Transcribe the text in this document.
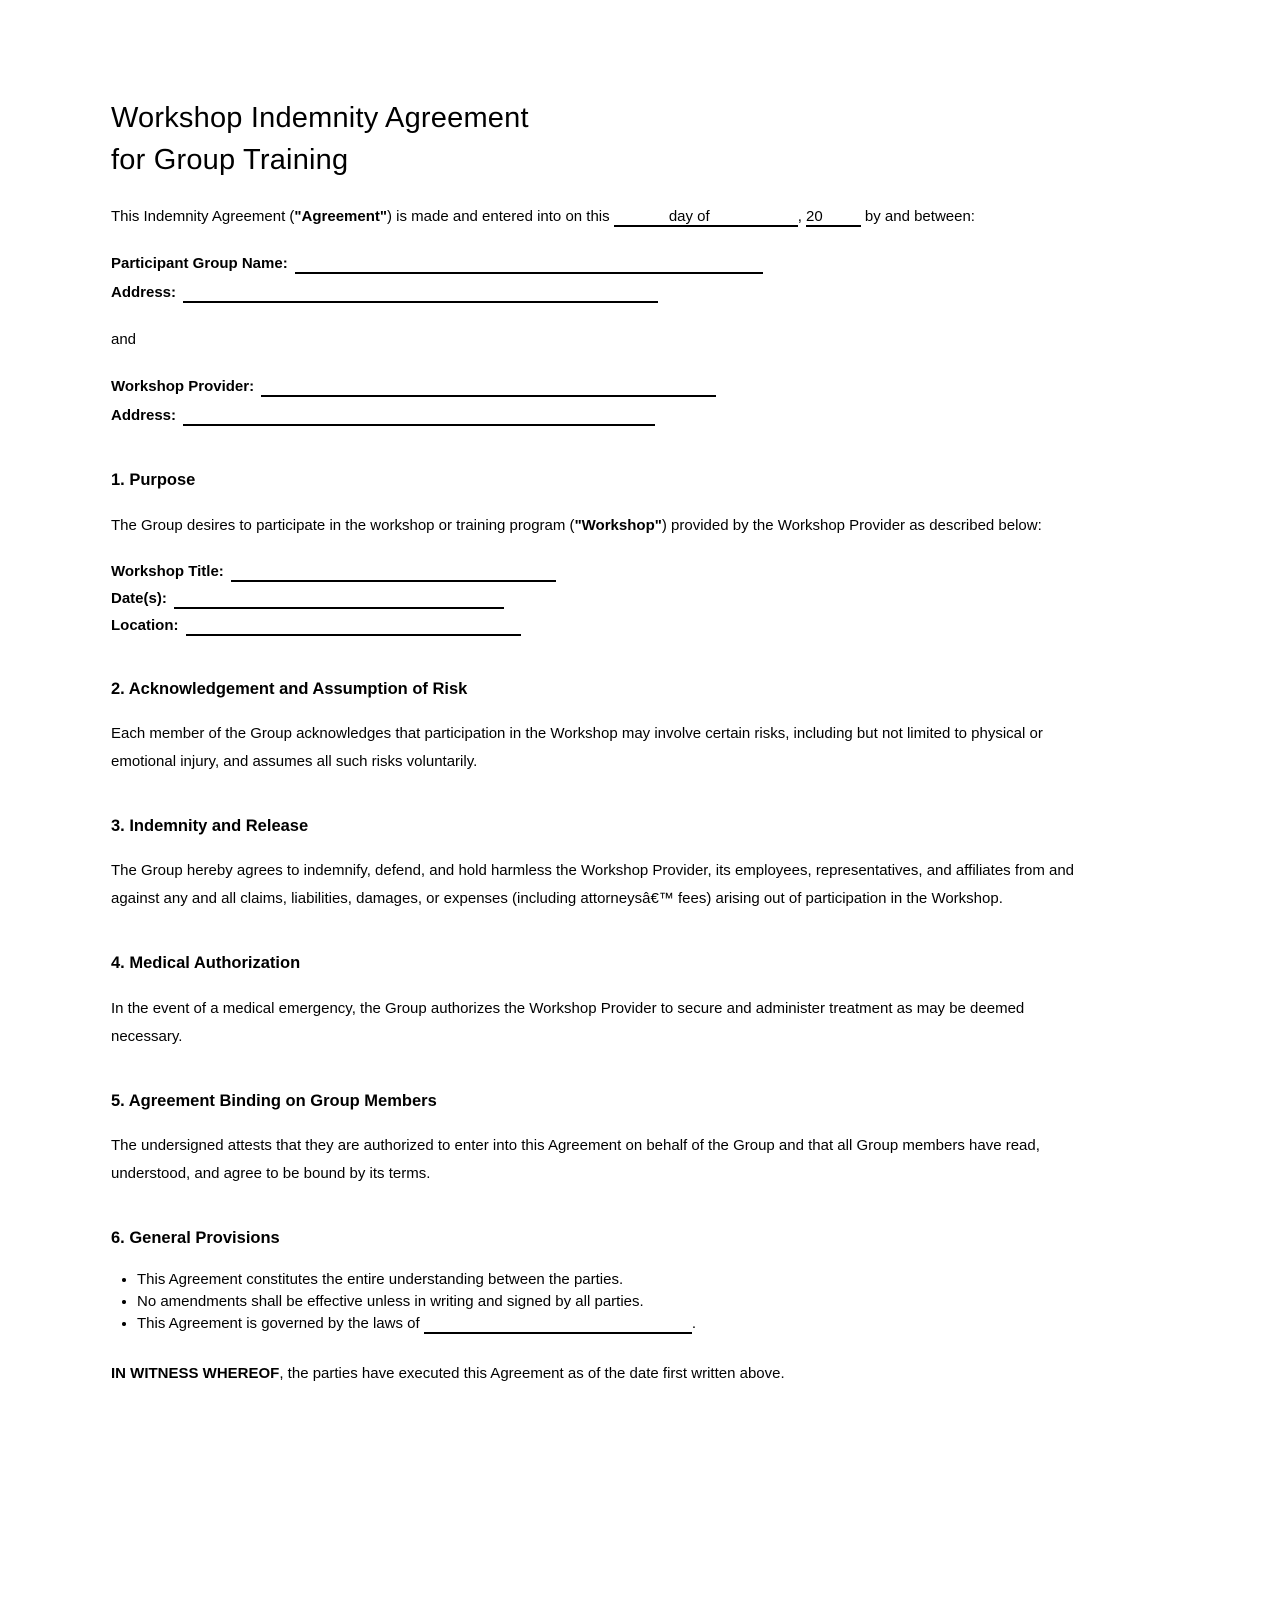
Workshop Indemnity Agreement
for Group Training

This Indemnity Agreement ("Agreement") is made and entered into on this	day of	, 20	by and between:

Participant Group Name:

Address:

and

Workshop Provider:

Address:

1. Purpose

The Group desires to participate in the workshop or training program ("Workshop") provided by the Workshop Provider as described below:

Workshop Title:

Date(s):

Location:

2. Acknowledgement and Assumption of Risk

Each member of the Group acknowledges that participation in the Workshop may involve certain risks, including but not limited to physical or emotional injury, and assumes all such risks voluntarily.

3. Indemnity and Release

The Group hereby agrees to indemnify, defend, and hold harmless the Workshop Provider, its employees, representatives, and affiliates from and against any and all claims, liabilities, damages, or expenses (including attorneysâ€™ fees) arising out of participation in the Workshop.

4. Medical Authorization

In the event of a medical emergency, the Group authorizes the Workshop Provider to secure and administer treatment as may be deemed necessary.

5. Agreement Binding on Group Members

The undersigned attests that they are authorized to enter into this Agreement on behalf of the Group and that all Group members have read, understood, and agree to be bound by its terms.

6. General Provisions
• This Agreement constitutes the entire understanding between the parties.
• No amendments shall be effective unless in writing and signed by all parties.
• This Agreement is governed by the laws of	.

IN WITNESS WHEREOF, the parties have executed this Agreement as of the date first written above.
